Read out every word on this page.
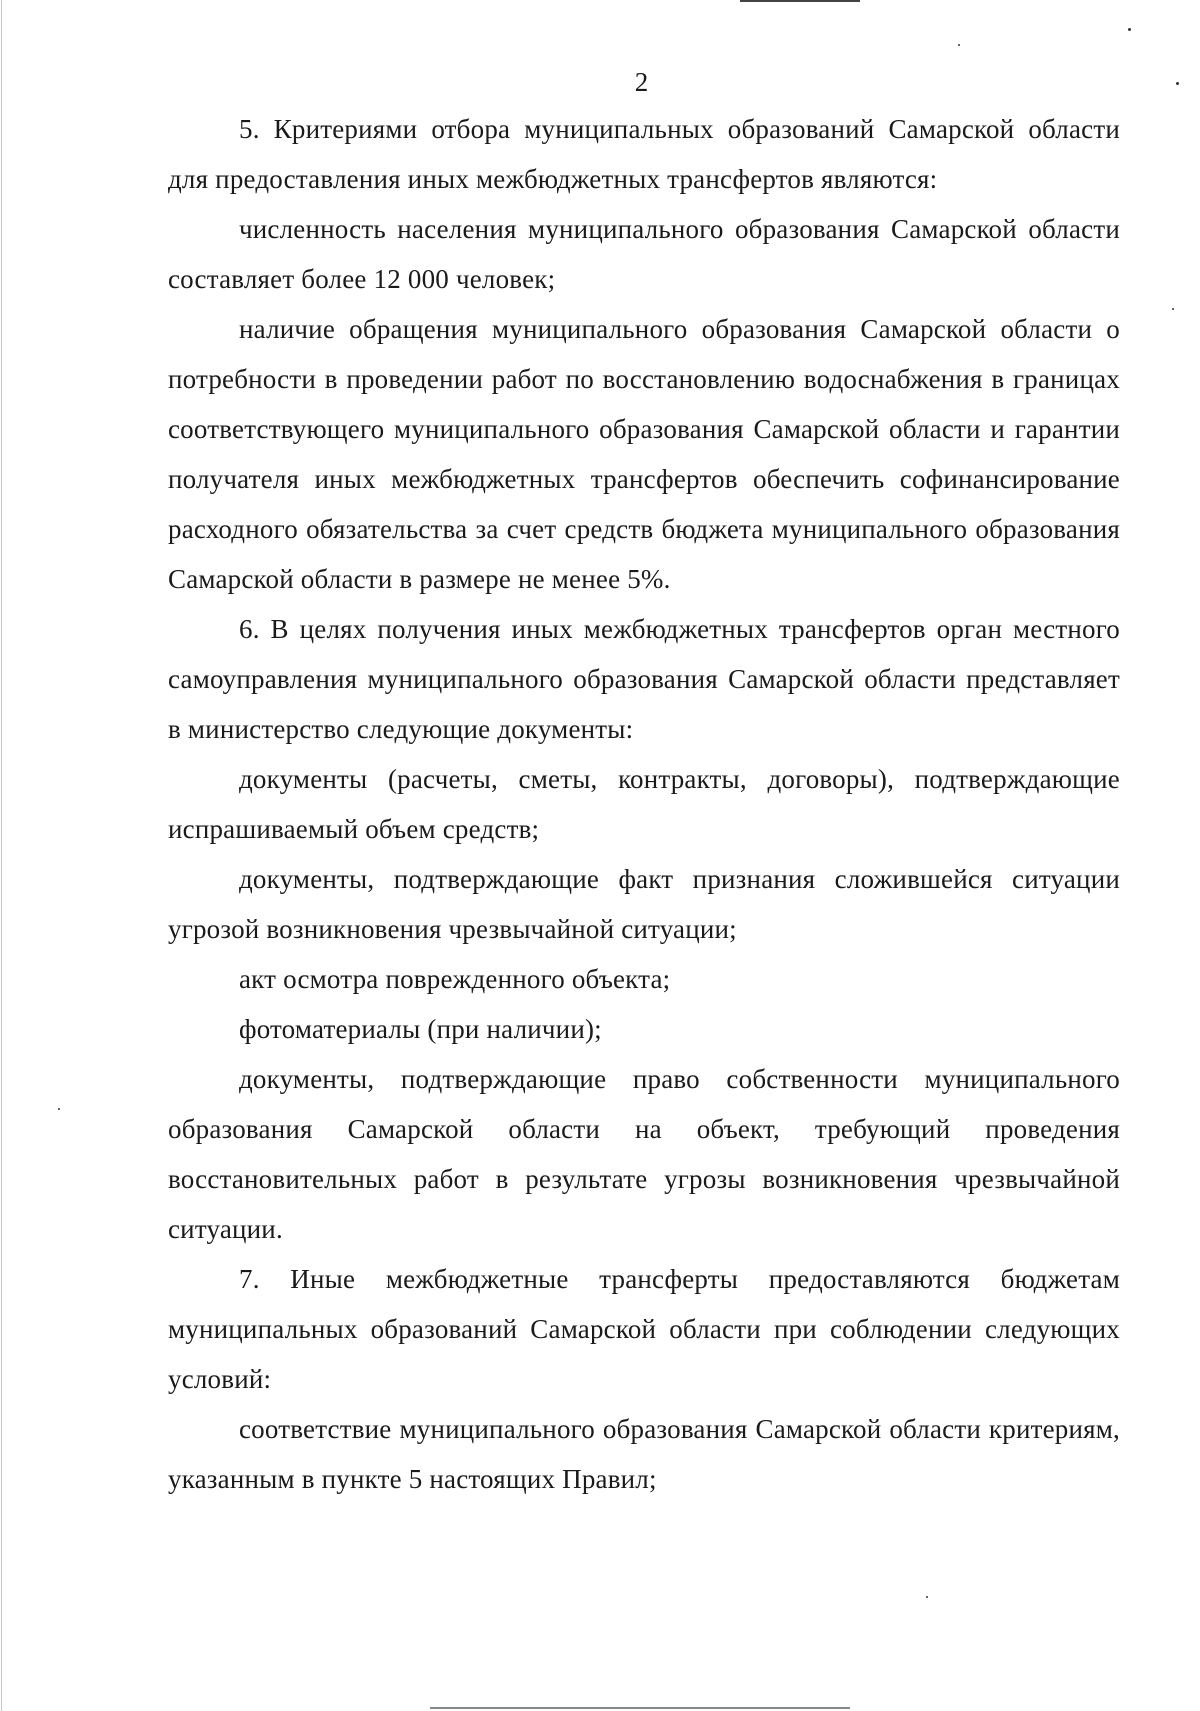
2

5. Критериями отбора муниципальных образований Самарской области для предоставления иных межбюджетных трансфертов являются:

численность населения муниципального образования Самарской области составляет более 12 000 человек;

наличие обращения муниципального образования Самарской области о потребности в проведении работ по восстановлению водоснабжения в границах соответствующего муниципального образования Самарской области и гарантии получателя иных межбюджетных трансфертов обеспечить софинансирование расходного обязательства за счет средств бюджета муниципального образования Самарской области в размере не менее 5%.

6. В целях получения иных межбюджетных трансфертов орган местного самоуправления муниципального образования Самарской области представляет в министерство следующие документы:

документы (расчеты, сметы, контракты, договоры), подтверждающие испрашиваемый объем средств;

документы, подтверждающие факт признания сложившейся ситуации угрозой возникновения чрезвычайной ситуации;

акт осмотра поврежденного объекта;

фотоматериалы (при наличии);

документы, подтверждающие право собственности муниципального образования Самарской области на объект, требующий проведения восстановительных работ в результате угрозы возникновения чрезвычайной ситуации.

7. Иные межбюджетные трансферты предоставляются бюджетам муниципальных образований Самарской области при соблюдении следующих условий:

соответствие муниципального образования Самарской области критериям, указанным в пункте 5 настоящих Правил;
